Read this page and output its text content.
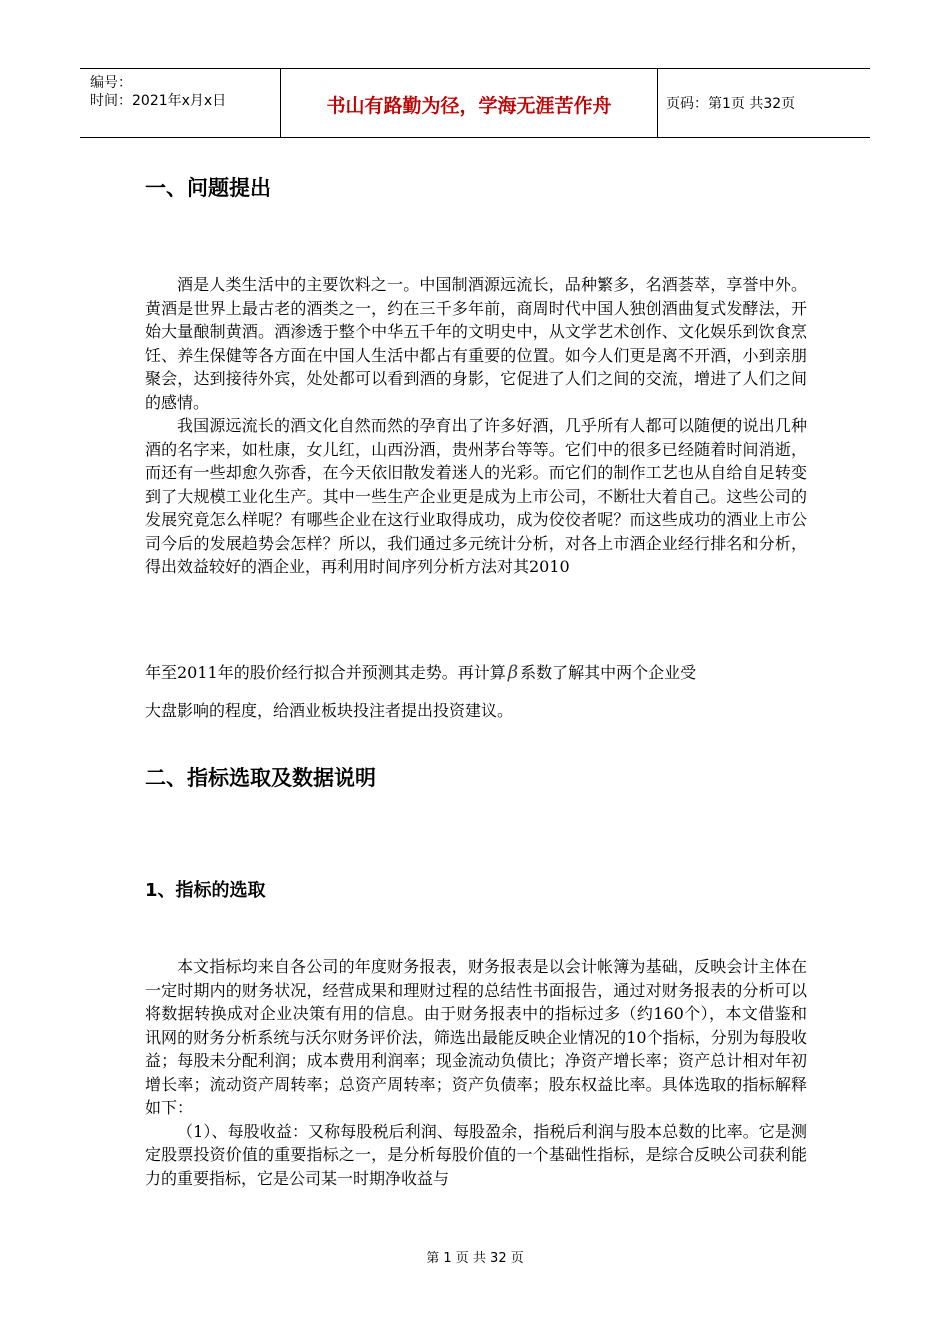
编号：
时间：2021年x月x日	书山有路勤为径，学海无涯苦作舟	页码：第1页 共32页
一、问题提出

酒是人类生活中的主要饮料之一。中国制酒源远流长，品种繁多，名酒荟萃，享誉中外。黄酒是世界上最古老的酒类之一，约在三千多年前，商周时代中国人独创酒曲复式发酵法，开始大量酿制黄酒。酒渗透于整个中华五千年的文明史中，从文学艺术创作、文化娱乐到饮食烹饪、养生保健等各方面在中国人生活中都占有重要的位置。如今人们更是离不开酒，小到亲朋聚会，达到接待外宾，处处都可以看到酒的身影，它促进了人们之间的交流，增进了人们之间的感情。

我国源远流长的酒文化自然而然的孕育出了许多好酒，几乎所有人都可以随便的说出几种酒的名字来，如杜康，女儿红，山西汾酒，贵州茅台等等。它们中的很多已经随着时间消逝，而还有一些却愈久弥香，在今天依旧散发着迷人的光彩。而它们的制作工艺也从自给自足转变到了大规模工业化生产。其中一些生产企业更是成为上市公司，不断壮大着自己。这些公司的发展究竟怎么样呢？有哪些企业在这行业取得成功，成为佼佼者呢？而这些成功的酒业上市公司今后的发展趋势会怎样？所以，我们通过多元统计分析，对各上市酒企业经行排名和分析，得出效益较好的酒企业，再利用时间序列分析方法对其2010

年至2011年的股价经行拟合并预测其走势。再计算 β 系数了解其中两个企业受
大盘影响的程度，给酒业板块投注者提出投资建议。
二、指标选取及数据说明
1、指标的选取

本文指标均来自各公司的年度财务报表，财务报表是以会计帐簿为基础，反映会计主体在一定时期内的财务状况，经营成果和理财过程的总结性书面报告，通过对财务报表的分析可以将数据转换成对企业决策有用的信息。由于财务报表中的指标过多（约160个），本文借鉴和讯网的财务分析系统与沃尔财务评价法，筛选出最能反映企业情况的10个指标，分别为每股收益；每股未分配利润；成本费用利润率；现金流动负债比；净资产增长率；资产总计相对年初增长率；流动资产周转率；总资产周转率；资产负债率；股东权益比率。具体选取的指标解释如下：

（1）、每股收益：又称每股税后利润、每股盈余，指税后利润与股本总数的比率。它是测定股票投资价值的重要指标之一，是分析每股价值的一个基础性指标，是综合反映公司获利能力的重要指标，它是公司某一时期净收益与

第 1 页 共 32 页
